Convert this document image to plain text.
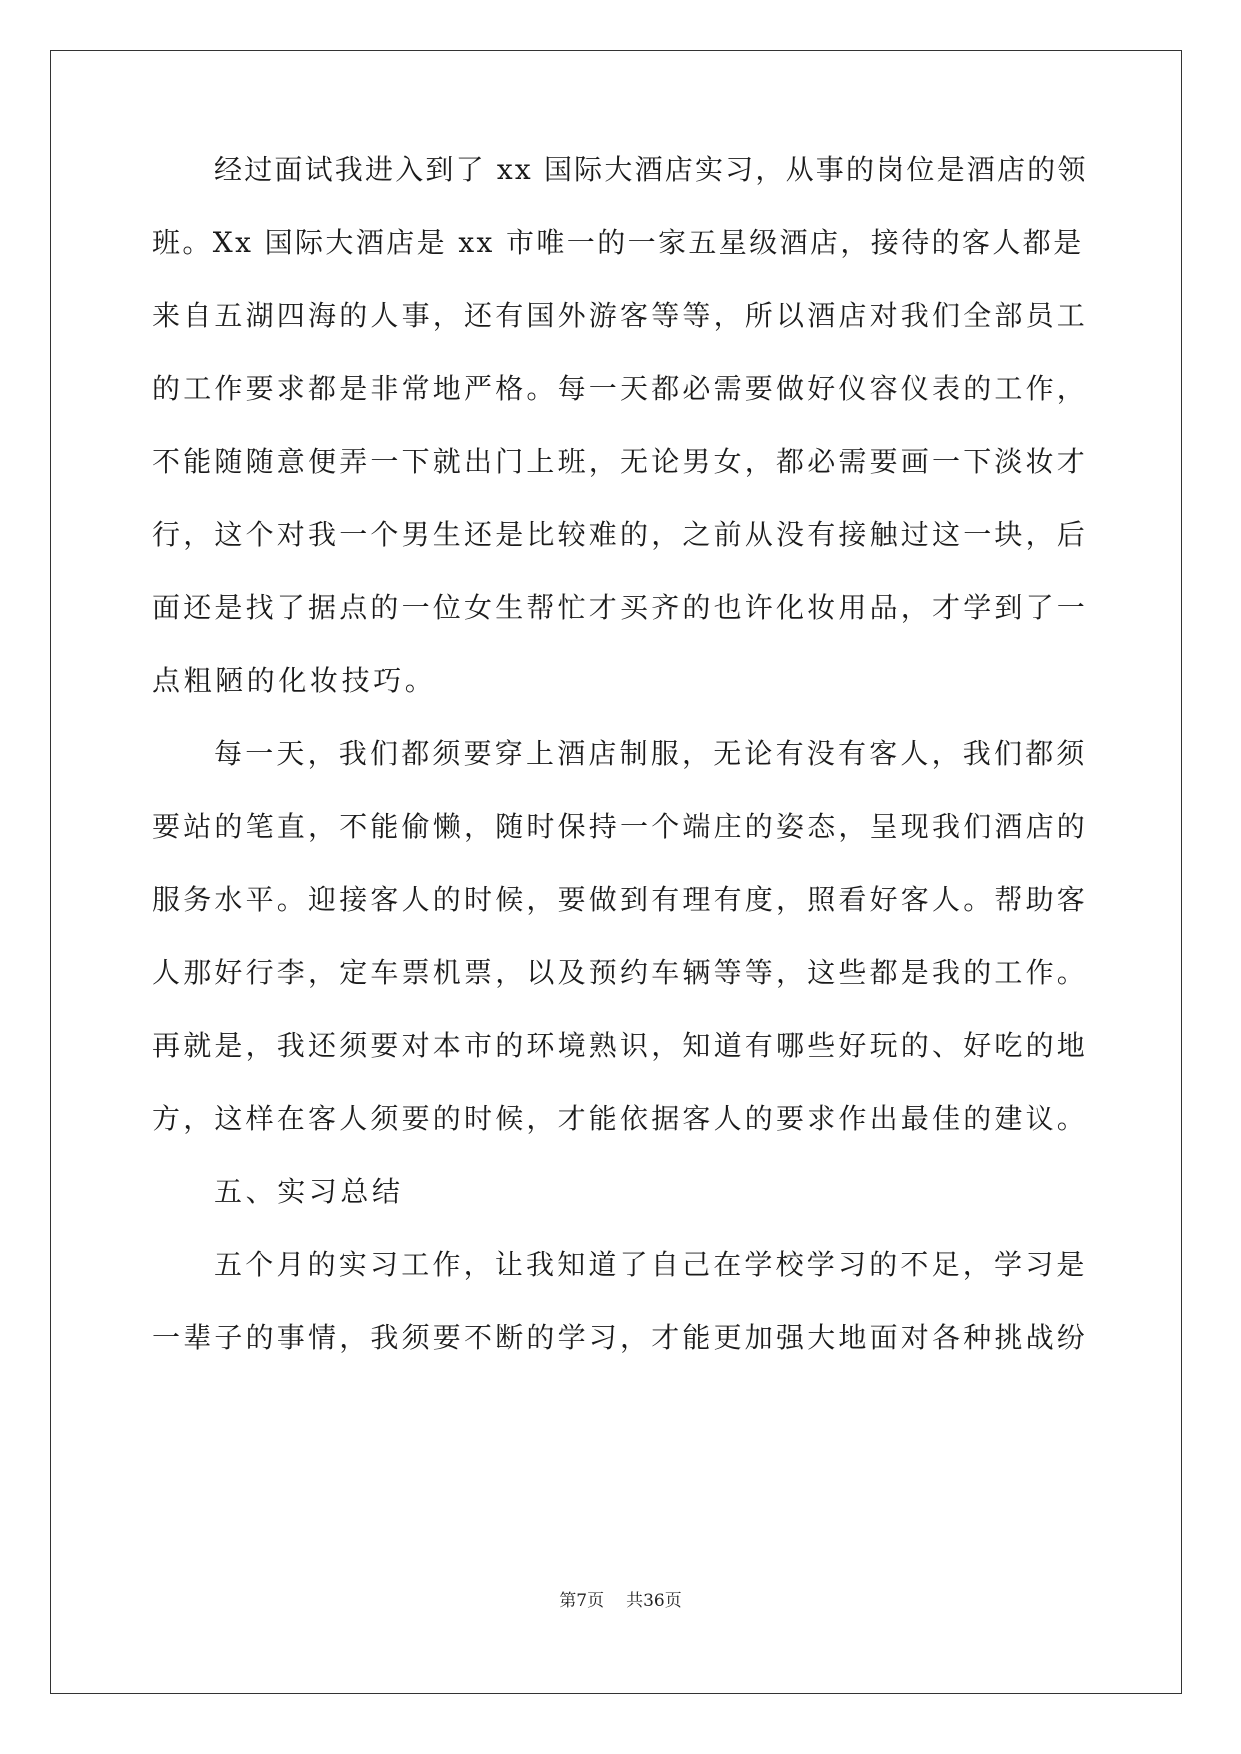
经过面试我进入到了 xx 国际大酒店实习，从事的岗位是酒店的领
班。Xx 国际大酒店是 xx 市唯一的一家五星级酒店，接待的客人都是
来自五湖四海的人事，还有国外游客等等，所以酒店对我们全部员工
的工作要求都是非常地严格。每一天都必需要做好仪容仪表的工作，
不能随随意便弄一下就出门上班，无论男女，都必需要画一下淡妆才
行，这个对我一个男生还是比较难的，之前从没有接触过这一块，后
面还是找了据点的一位女生帮忙才买齐的也许化妆用品，才学到了一
点粗陋的化妆技巧。
每一天，我们都须要穿上酒店制服，无论有没有客人，我们都须
要站的笔直，不能偷懒，随时保持一个端庄的姿态，呈现我们酒店的
服务水平。迎接客人的时候，要做到有理有度，照看好客人。帮助客
人那好行李，定车票机票，以及预约车辆等等，这些都是我的工作。
再就是，我还须要对本市的环境熟识，知道有哪些好玩的、好吃的地
方，这样在客人须要的时候，才能依据客人的要求作出最佳的建议。
五、实习总结
五个月的实习工作，让我知道了自己在学校学习的不足，学习是
一辈子的事情，我须要不断的学习，才能更加强大地面对各种挑战纷
第7页 共36页
